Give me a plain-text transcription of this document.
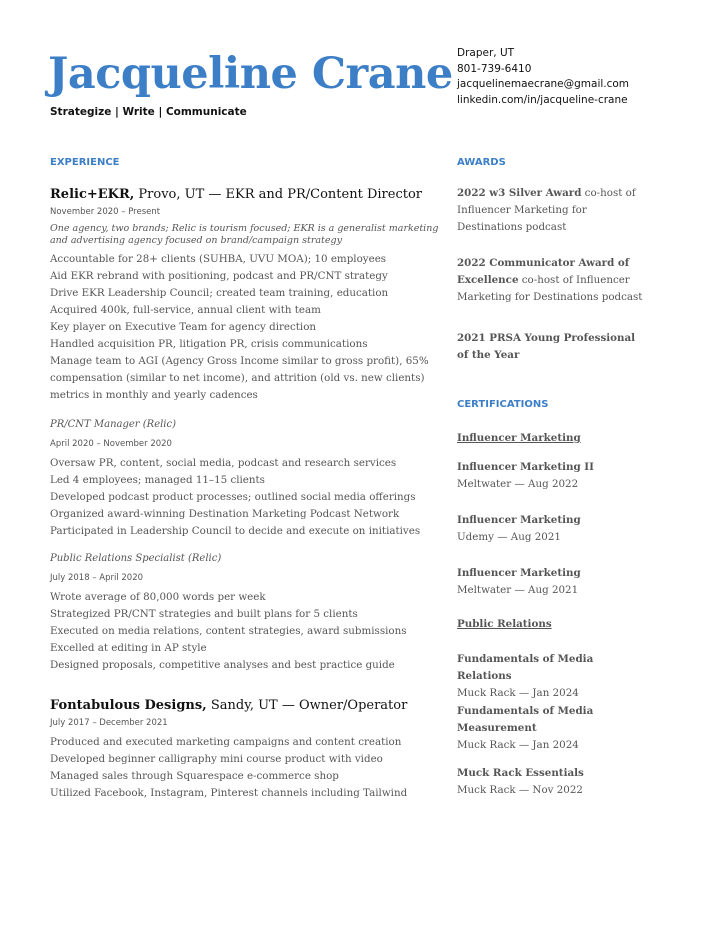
Jacqueline Crane
Strategize | Write | Communicate
Draper, UT
801-739-6410
jacquelinemaecrane@gmail.com
linkedin.com/in/jacqueline-crane
EXPERIENCE
Relic+EKR, Provo, UT — EKR and PR/Content Director
November 2020 – Present
One agency, two brands; Relic is tourism focused; EKR is a generalist marketing and advertising agency focused on brand/campaign strategy
Accountable for 28+ clients (SUHBA, UVU MOA); 10 employees
Aid EKR rebrand with positioning, podcast and PR/CNT strategy
Drive EKR Leadership Council; created team training, education
Acquired 400k, full-service, annual client with team
Key player on Executive Team for agency direction
Handled acquisition PR, litigation PR, crisis communications
Manage team to AGI (Agency Gross Income similar to gross profit), 65% compensation (similar to net income), and attrition (old vs. new clients) metrics in monthly and yearly cadences
PR/CNT Manager (Relic)
April 2020 – November 2020
Oversaw PR, content, social media, podcast and research services
Led 4 employees; managed 11–15 clients
Developed podcast product processes; outlined social media offerings
Organized award-winning Destination Marketing Podcast Network
Participated in Leadership Council to decide and execute on initiatives
Public Relations Specialist (Relic)
July 2018 – April 2020
Wrote average of 80,000 words per week
Strategized PR/CNT strategies and built plans for 5 clients
Executed on media relations, content strategies, award submissions
Excelled at editing in AP style
Designed proposals, competitive analyses and best practice guide
Fontabulous Designs, Sandy, UT — Owner/Operator
July 2017 – December 2021
Produced and executed marketing campaigns and content creation
Developed beginner calligraphy mini course product with video
Managed sales through Squarespace e-commerce shop
Utilized Facebook, Instagram, Pinterest channels including Tailwind
AWARDS
2022 w3 Silver Award co-host of Influencer Marketing for Destinations podcast
2022 Communicator Award of Excellence co-host of Influencer Marketing for Destinations podcast
2021 PRSA Young Professional of the Year
CERTIFICATIONS
Influencer Marketing
Influencer Marketing II
Meltwater — Aug 2022
Influencer Marketing
Udemy — Aug 2021
Influencer Marketing
Meltwater — Aug 2021
Public Relations
Fundamentals of Media Relations
Muck Rack — Jan 2024
Fundamentals of Media Measurement
Muck Rack — Jan 2024
Muck Rack Essentials
Muck Rack — Nov 2022
